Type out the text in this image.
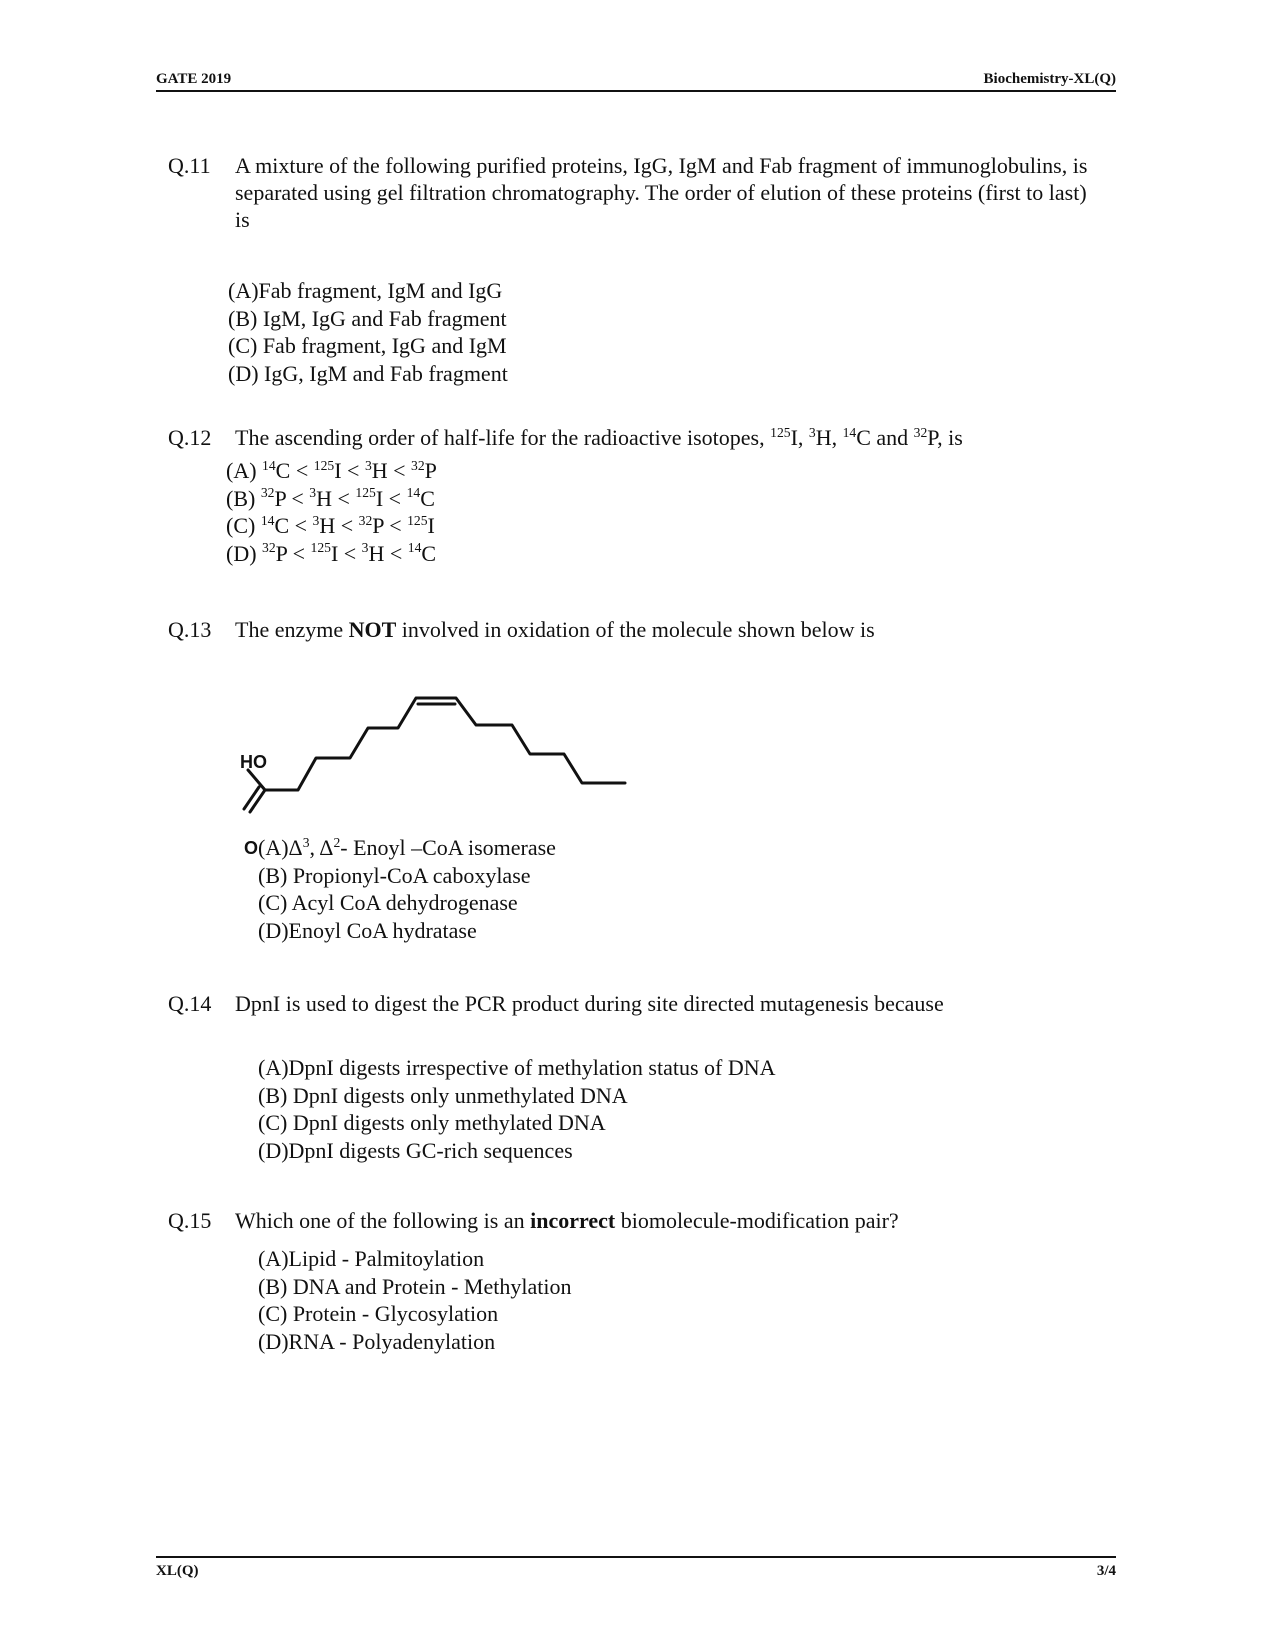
GATE 2019	Biochemistry-XL(Q)
Q.11	A mixture of the following purified proteins, IgG, IgM and Fab fragment of immunoglobulins, is separated using gel filtration chromatography. The order of elution of these proteins (first to last) is
(A)Fab fragment, IgM and IgG
(B) IgM, IgG and Fab fragment
(C) Fab fragment, IgG and IgM
(D) IgG, IgM and Fab fragment
Q.12	The ascending order of half-life for the radioactive isotopes, $^{125}$I, $^3$H, $^{14}$C and $^{32}$P, is
(A) $^{14}$C < $^{125}$I < $^3$H < $^{32}$P
(B) $^{32}$P < $^3$H < $^{125}$I < $^{14}$C
(C) $^{14}$C < $^3$H < $^{32}$P < $^{125}$I
(D) $^{32}$P < $^{125}$I < $^3$H < $^{14}$C
Q.13	The enzyme NOT involved in oxidation of the molecule shown below is
HO
O $(A)\Delta^3$, $\Delta^2-$ Enoyl –CoA isomerase
(B) Propionyl-CoA caboxylase
(C) Acyl CoA dehydrogenase
(D)Enoyl CoA hydratase
Q.14	DpnI is used to digest the PCR product during site directed mutagenesis because
(A)DpnI digests irrespective of methylation status of DNA
(B) DpnI digests only unmethylated DNA
(C) DpnI digests only methylated DNA
(D)DpnI digests GC-rich sequences
Q.15	Which one of the following is an incorrect biomolecule-modification pair?
(A)Lipid - Palmitoylation
(B) DNA and Protein - Methylation
(C) Protein - Glycosylation
(D)RNA - Polyadenylation
XL(Q)	3/4
